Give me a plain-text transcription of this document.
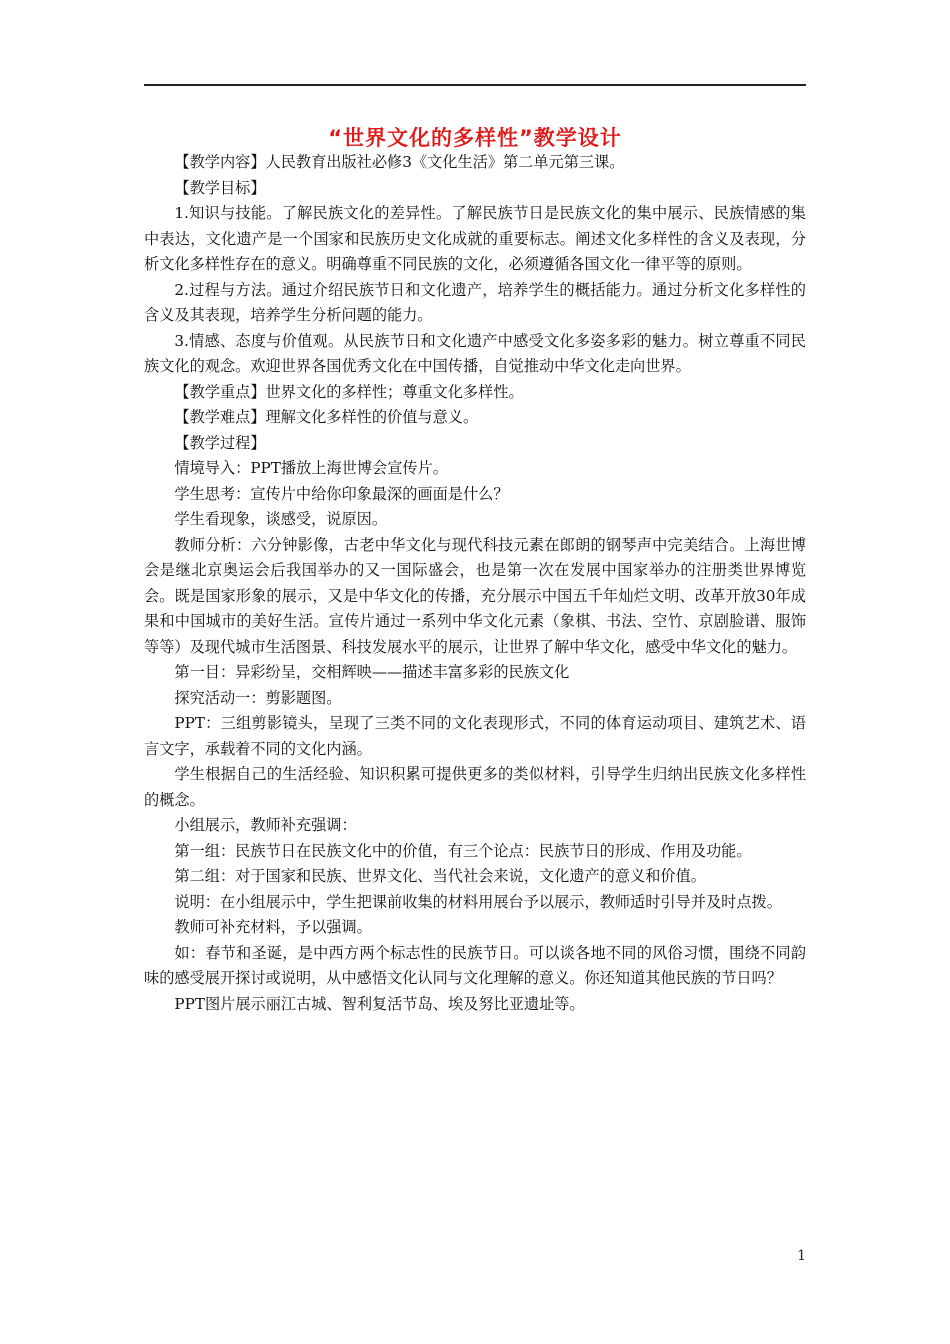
“世界文化的多样性”教学设计

【教学内容】人民教育出版社必修3《文化生活》第二单元第三课。

【教学目标】

1.知识与技能。了解民族文化的差异性。了解民族节日是民族文化的集中展示、民族情感的集中表达，文化遗产是一个国家和民族历史文化成就的重要标志。阐述文化多样性的含义及表现，分析文化多样性存在的意义。明确尊重不同民族的文化，必须遵循各国文化一律平等的原则。

2.过程与方法。通过介绍民族节日和文化遗产，培养学生的概括能力。通过分析文化多样性的含义及其表现，培养学生分析问题的能力。

3.情感、态度与价值观。从民族节日和文化遗产中感受文化多姿多彩的魅力。树立尊重不同民族文化的观念。欢迎世界各国优秀文化在中国传播，自觉推动中华文化走向世界。

【教学重点】世界文化的多样性；尊重文化多样性。

【教学难点】理解文化多样性的价值与意义。

【教学过程】

情境导入：PPT播放上海世博会宣传片。

学生思考：宣传片中给你印象最深的画面是什么？

学生看现象，谈感受，说原因。

教师分析：六分钟影像，古老中华文化与现代科技元素在郎朗的钢琴声中完美结合。上海世博会是继北京奥运会后我国举办的又一国际盛会，也是第一次在发展中国家举办的注册类世界博览会。既是国家形象的展示，又是中华文化的传播，充分展示中国五千年灿烂文明、改革开放30年成果和中国城市的美好生活。宣传片通过一系列中华文化元素（象棋、书法、空竹、京剧脸谱、服饰等等）及现代城市生活图景、科技发展水平的展示，让世界了解中华文化，感受中华文化的魅力。

第一目：异彩纷呈，交相辉映——描述丰富多彩的民族文化

探究活动一：剪影题图。

PPT：三组剪影镜头，呈现了三类不同的文化表现形式，不同的体育运动项目、建筑艺术、语言文字，承载着不同的文化内涵。

学生根据自己的生活经验、知识积累可提供更多的类似材料，引导学生归纳出民族文化多样性的概念。

小组展示，教师补充强调：

第一组：民族节日在民族文化中的价值，有三个论点：民族节日的形成、作用及功能。

第二组：对于国家和民族、世界文化、当代社会来说，文化遗产的意义和价值。

说明：在小组展示中，学生把课前收集的材料用展台予以展示，教师适时引导并及时点拨。

教师可补充材料，予以强调。

如：春节和圣诞，是中西方两个标志性的民族节日。可以谈各地不同的风俗习惯，围绕不同韵味的感受展开探讨或说明，从中感悟文化认同与文化理解的意义。你还知道其他民族的节日吗？

PPT图片展示丽江古城、智利复活节岛、埃及努比亚遗址等。

1
